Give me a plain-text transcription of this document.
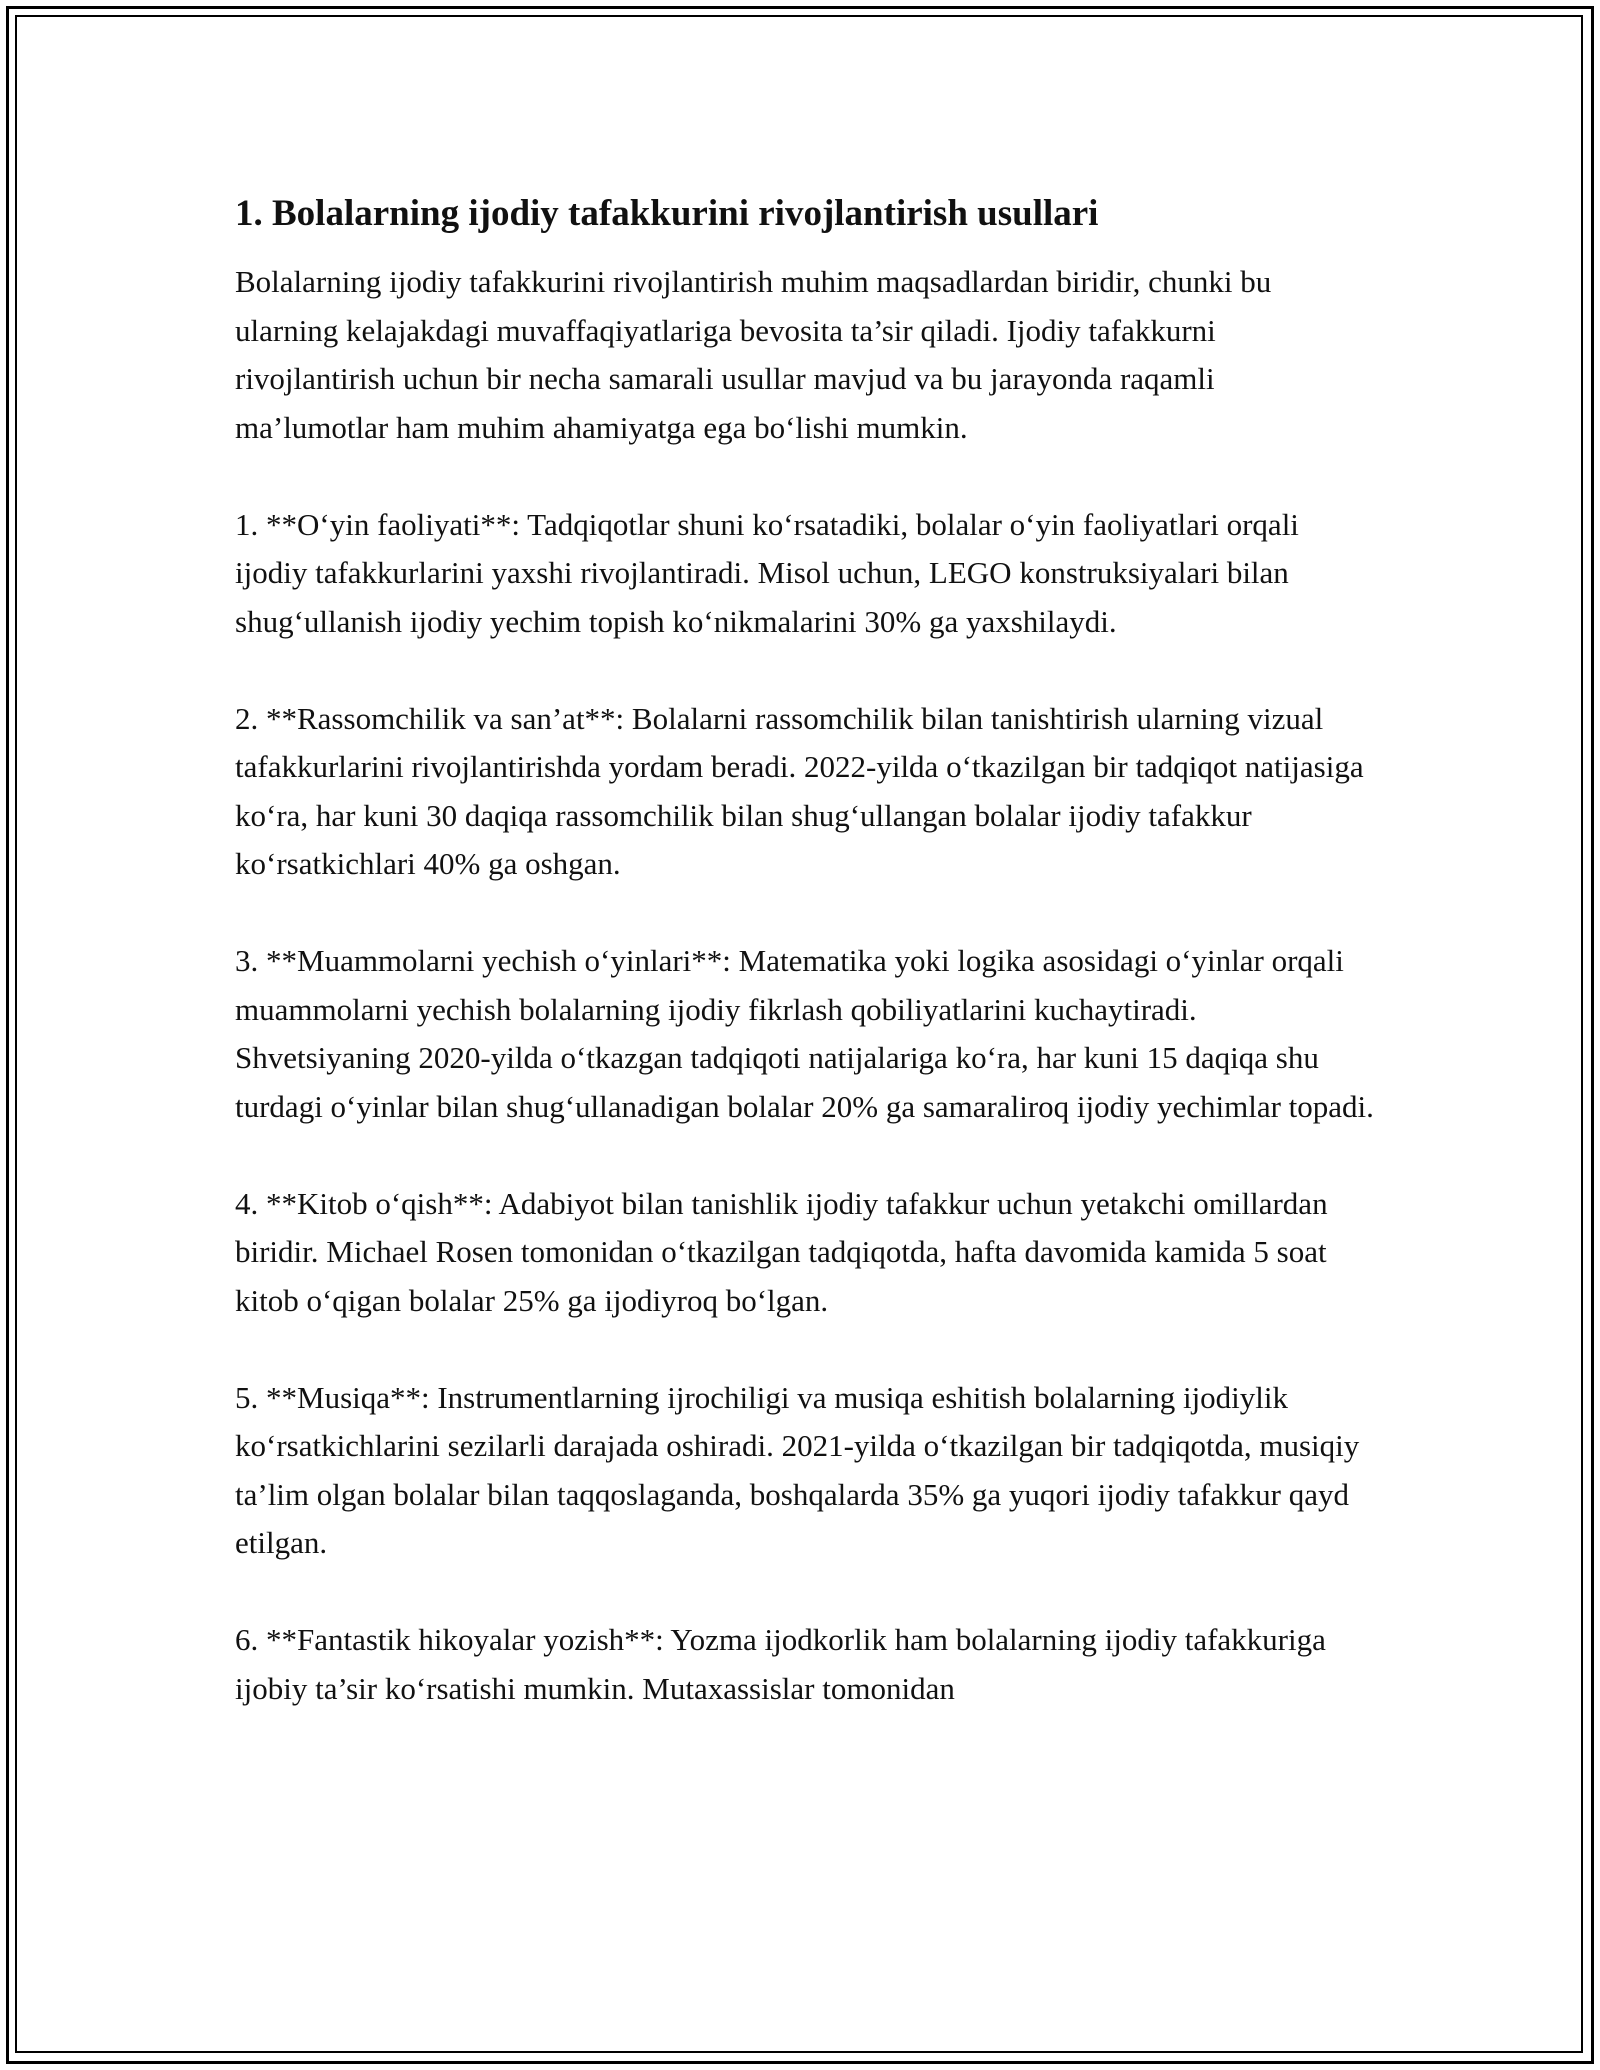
1. Bolalarning ijodiy tafakkurini rivojlantirish usullari

Bolalarning ijodiy tafakkurini rivojlantirish muhim maqsadlardan biridir, chunki bu ularning kelajakdagi muvaffaqiyatlariga bevosita ta’sir qiladi. Ijodiy tafakkurni rivojlantirish uchun bir necha samarali usullar mavjud va bu jarayonda raqamli ma’lumotlar ham muhim ahamiyatga ega bo‘lishi mumkin.

1. **O‘yin faoliyati**: Tadqiqotlar shuni ko‘rsatadiki, bolalar o‘yin faoliyatlari orqali ijodiy tafakkurlarini yaxshi rivojlantiradi. Misol uchun, LEGO konstruksiyalari bilan shug‘ullanish ijodiy yechim topish ko‘nikmalarini 30% ga yaxshilaydi.

2. **Rassomchilik va san’at**: Bolalarni rassomchilik bilan tanishtirish ularning vizual tafakkurlarini rivojlantirishda yordam beradi. 2022-yilda o‘tkazilgan bir tadqiqot natijasiga ko‘ra, har kuni 30 daqiqa rassomchilik bilan shug‘ullangan bolalar ijodiy tafakkur ko‘rsatkichlari 40% ga oshgan.

3. **Muammolarni yechish o‘yinlari**: Matematika yoki logika asosidagi o‘yinlar orqali muammolarni yechish bolalarning ijodiy fikrlash qobiliyatlarini kuchaytiradi. Shvetsiyaning 2020-yilda o‘tkazgan tadqiqoti natijalariga ko‘ra, har kuni 15 daqiqa shu turdagi o‘yinlar bilan shug‘ullanadigan bolalar 20% ga samaraliroq ijodiy yechimlar topadi.

4. **Kitob o‘qish**: Adabiyot bilan tanishlik ijodiy tafakkur uchun yetakchi omillardan biridir. Michael Rosen tomonidan o‘tkazilgan tadqiqotda, hafta davomida kamida 5 soat kitob o‘qigan bolalar 25% ga ijodiyroq bo‘lgan.

5. **Musiqa**: Instrumentlarning ijrochiligi va musiqa eshitish bolalarning ijodiylik ko‘rsatkichlarini sezilarli darajada oshiradi. 2021-yilda o‘tkazilgan bir tadqiqotda, musiqiy ta’lim olgan bolalar bilan taqqoslaganda, boshqalarda 35% ga yuqori ijodiy tafakkur qayd etilgan.

6. **Fantastik hikoyalar yozish**: Yozma ijodkorlik ham bolalarning ijodiy tafakkuriga ijobiy ta’sir ko‘rsatishi mumkin. Mutaxassislar tomonidan
